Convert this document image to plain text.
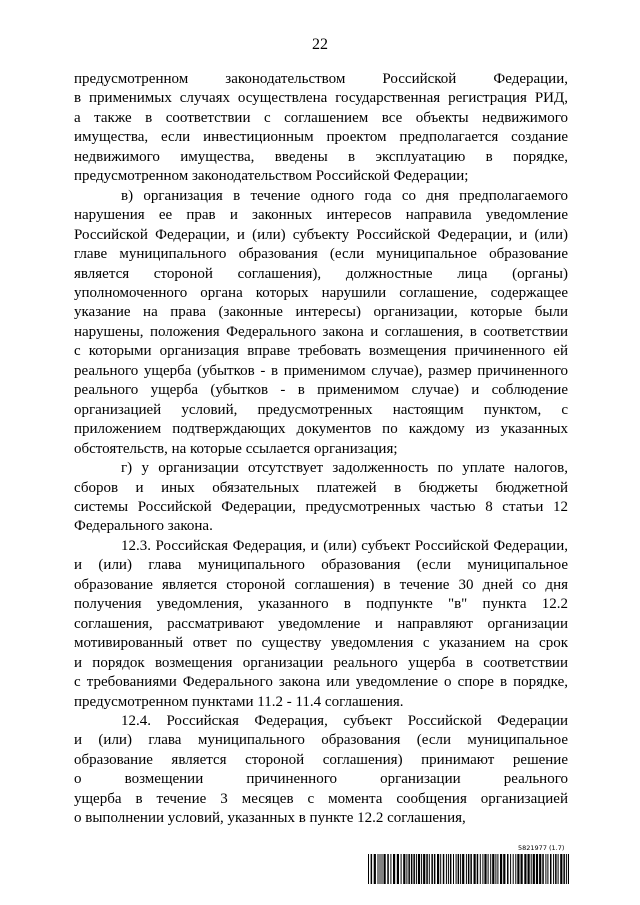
22

предусмотренном законодательством Российской Федерации,
в применимых случаях осуществлена государственная регистрация РИД,
а также в соответствии с соглашением все объекты недвижимого
имущества, если инвестиционным проектом предполагается создание
недвижимого имущества, введены в эксплуатацию в порядке,
предусмотренном законодательством Российской Федерации;

в) организация в течение одного года со дня предполагаемого
нарушения ее прав и законных интересов направила уведомление
Российской Федерации, и (или) субъекту Российской Федерации, и (или)
главе муниципального образования (если муниципальное образование
является стороной соглашения), должностные лица (органы)
уполномоченного органа которых нарушили соглашение, содержащее
указание на права (законные интересы) организации, которые были
нарушены, положения Федерального закона и соглашения, в соответствии
с которыми организация вправе требовать возмещения причиненного ей
реального ущерба (убытков - в применимом случае), размер причиненного
реального ущерба (убытков - в применимом случае) и соблюдение
организацией условий, предусмотренных настоящим пунктом, с
приложением подтверждающих документов по каждому из указанных
обстоятельств, на которые ссылается организация;

г) у организации отсутствует задолженность по уплате налогов,
сборов и иных обязательных платежей в бюджеты бюджетной
системы Российской Федерации, предусмотренных частью 8 статьи 12
Федерального закона.

12.3. Российская Федерация, и (или) субъект Российской Федерации,
и (или) глава муниципального образования (если муниципальное
образование является стороной соглашения) в течение 30 дней со дня
получения уведомления, указанного в подпункте "в" пункта 12.2
соглашения, рассматривают уведомление и направляют организации
мотивированный ответ по существу уведомления с указанием на срок
и порядок возмещения организации реального ущерба в соответствии
с требованиями Федерального закона или уведомление о споре в порядке,
предусмотренном пунктами 11.2 - 11.4 соглашения.

12.4. Российская Федерация, субъект Российской Федерации
и (или) глава муниципального образования (если муниципальное
образование является стороной соглашения) принимают решение
о возмещении причиненного организации реального
ущерба в течение 3 месяцев с момента сообщения организацией
о выполнении условий, указанных в пункте 12.2 соглашения,

5821977 (1.7)
